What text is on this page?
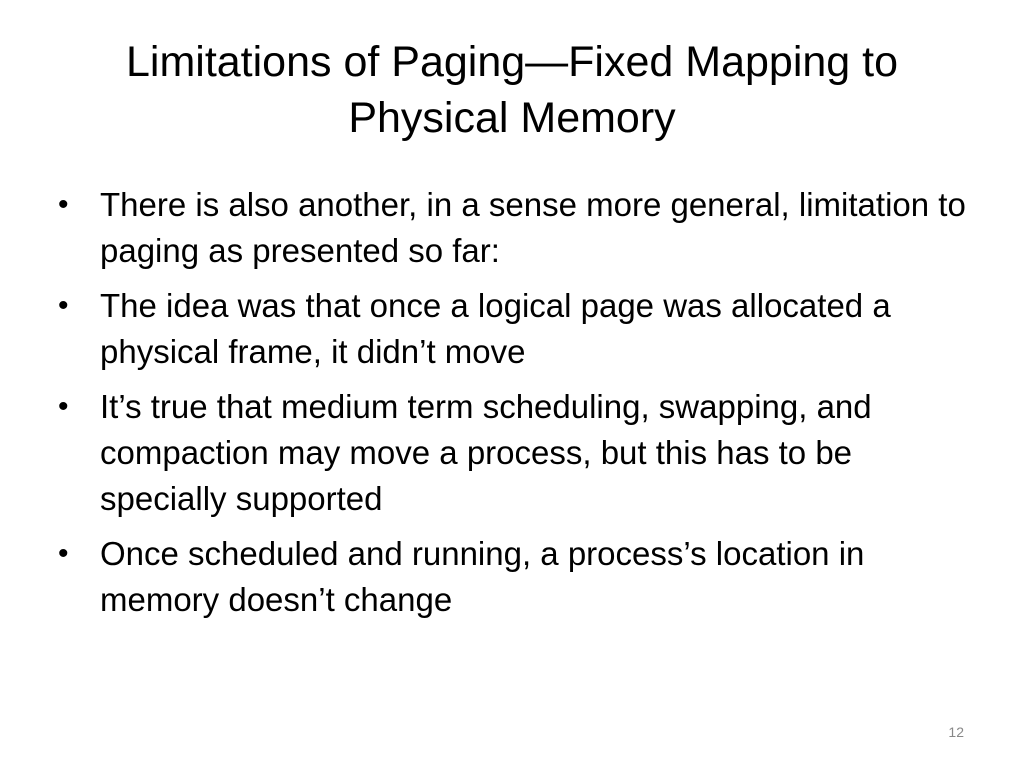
Limitations of Paging—Fixed Mapping to Physical Memory
• There is also another, in a sense more general, limitation to paging as presented so far:
• The idea was that once a logical page was allocated a physical frame, it didn’t move
• It’s true that medium term scheduling, swapping, and compaction may move a process, but this has to be specially supported
• Once scheduled and running, a process’s location in memory doesn’t change
12
